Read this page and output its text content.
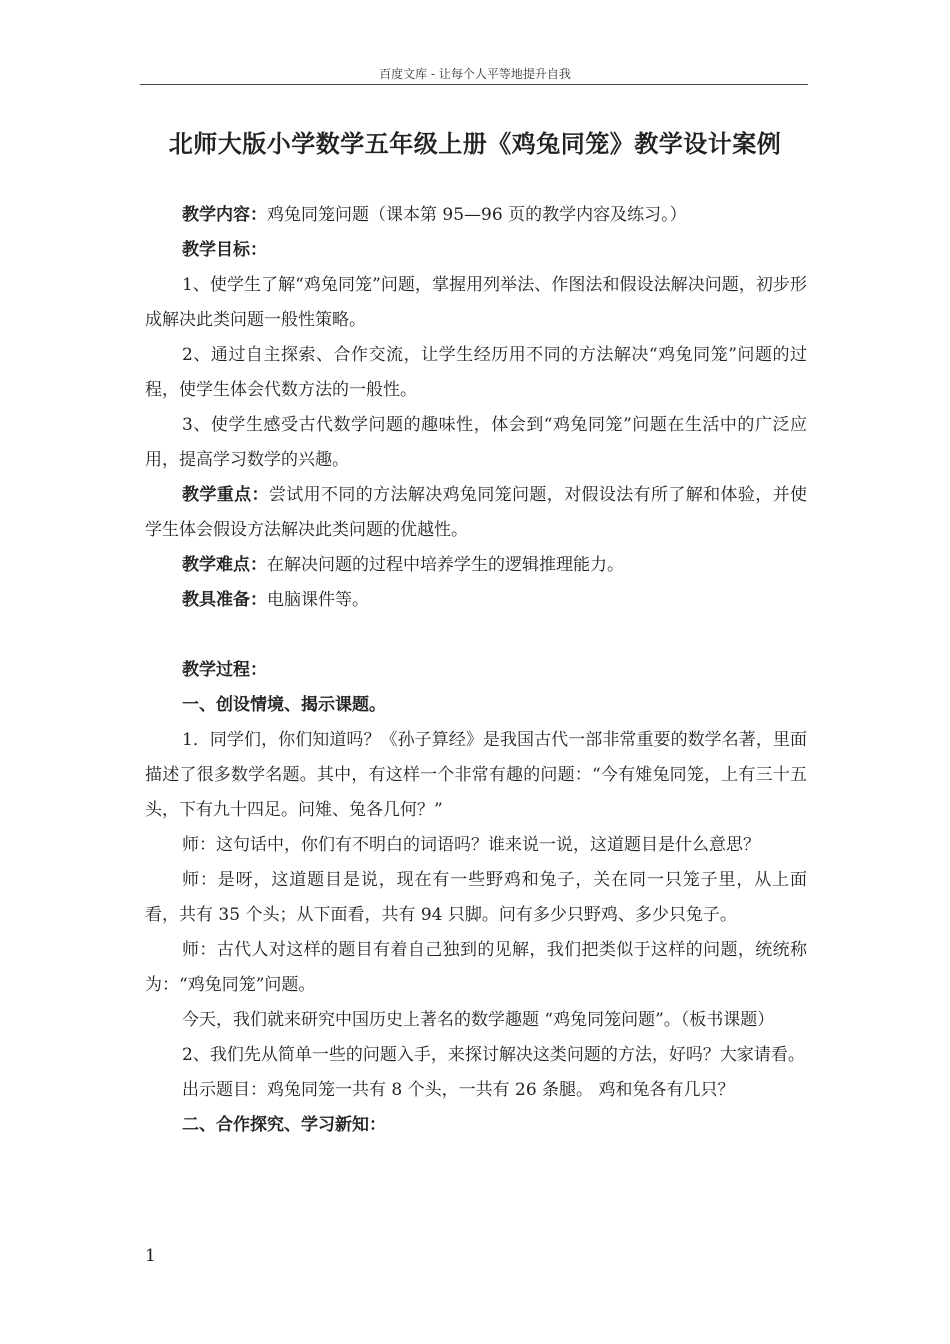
百度文库 - 让每个人平等地提升自我
北师大版小学数学五年级上册《鸡兔同笼》教学设计案例

教学内容：鸡兔同笼问题（课本第 95—96 页的教学内容及练习。）

教学目标：

1、使学生了解“鸡兔同笼”问题，掌握用列举法、作图法和假设法解决问题，初步形成解决此类问题一般性策略。

2、通过自主探索、合作交流，让学生经历用不同的方法解决“鸡兔同笼”问题的过程，使学生体会代数方法的一般性。

3、使学生感受古代数学问题的趣味性，体会到“鸡兔同笼”问题在生活中的广泛应用，提高学习数学的兴趣。

教学重点：尝试用不同的方法解决鸡兔同笼问题，对假设法有所了解和体验，并使学生体会假设方法解决此类问题的优越性。

教学难点：在解决问题的过程中培养学生的逻辑推理能力。

教具准备：电脑课件等。

教学过程：

一、创设情境、揭示课题。

1．同学们，你们知道吗？《孙子算经》是我国古代一部非常重要的数学名著，里面描述了很多数学名题。其中，有这样一个非常有趣的问题：“今有雉兔同笼，上有三十五头，下有九十四足。问雉、兔各几何？”

师：这句话中，你们有不明白的词语吗？谁来说一说，这道题目是什么意思？

师：是呀，这道题目是说，现在有一些野鸡和兔子，关在同一只笼子里，从上面看，共有 35 个头；从下面看，共有 94 只脚。问有多少只野鸡、多少只兔子。

师：古代人对这样的题目有着自己独到的见解，我们把类似于这样的问题，统统称为：“鸡兔同笼”问题。

今天，我们就来研究中国历史上著名的数学趣题 “鸡兔同笼问题”。（板书课题）

2、我们先从简单一些的问题入手，来探讨解决这类问题的方法，好吗？大家请看。

出示题目：鸡兔同笼一共有 8 个头，一共有 26 条腿。 鸡和兔各有几只？

二、合作探究、学习新知：

1
